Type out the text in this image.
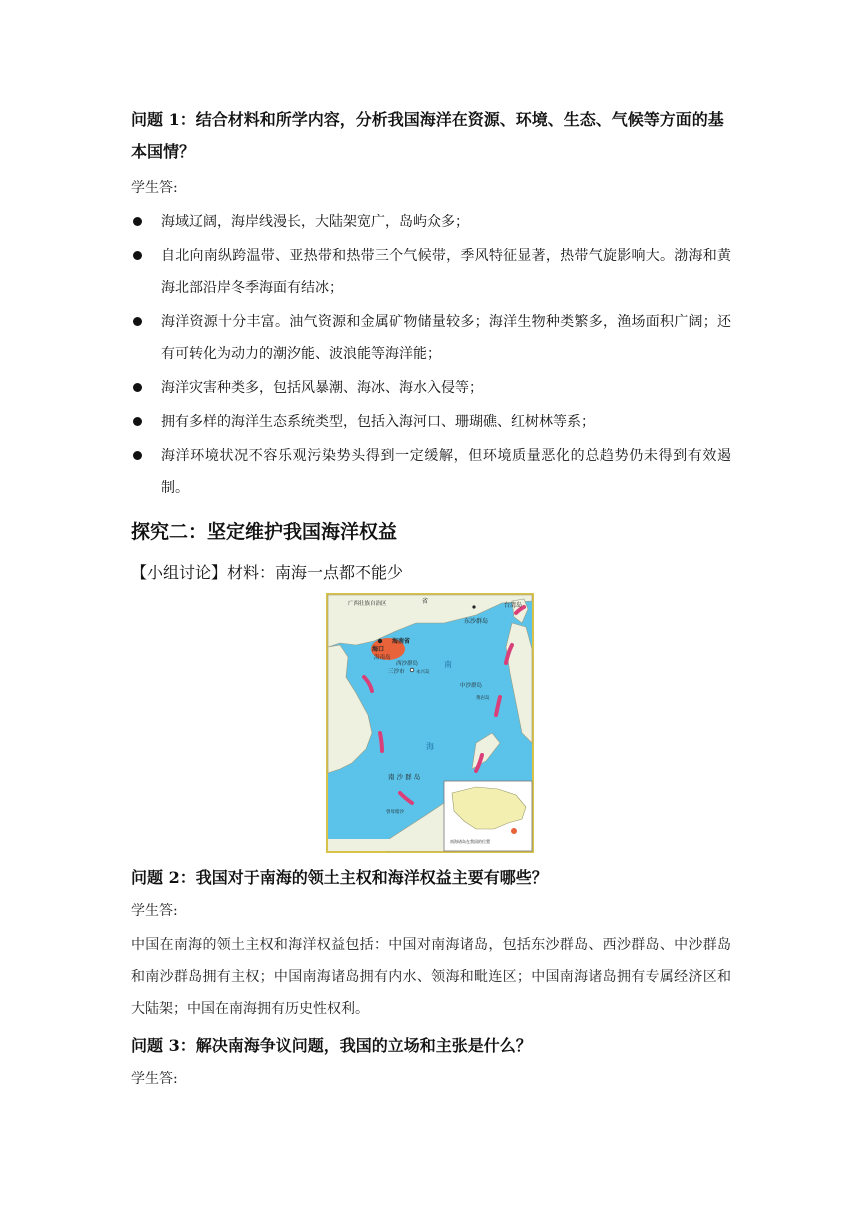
问题 1：结合材料和所学内容，分析我国海洋在资源、环境、生态、气候等方面的基本国情？
学生答:
海域辽阔，海岸线漫长，大陆架宽广，岛屿众多；
自北向南纵跨温带、亚热带和热带三个气候带，季风特征显著，热带气旋影响大。渤海和黄海北部沿岸冬季海面有结冰；
海洋资源十分丰富。油气资源和金属矿物储量较多；海洋生物种类繁多，渔场面积广阔；还有可转化为动力的潮汐能、波浪能等海洋能；
海洋灾害种类多，包括风暴潮、海冰、海水入侵等；
拥有多样的海洋生态系统类型，包括入海河口、珊瑚礁、红树林等系；
海洋环境状况不容乐观污染势头得到一定缓解，但环境质量恶化的总趋势仍未得到有效遏制。
探究二：坚定维护我国海洋权益
【小组讨论】材料：南海一点都不能少
广西壮族自治区	省
台湾岛
东沙群岛
海口
海南省
海南岛
西沙群岛
三沙市	永兴岛
中沙群岛
黄岩岛
南
海
南 沙 群 岛
曾母暗沙
南海诸岛在我国的位置
问题 2：我国对于南海的领土主权和海洋权益主要有哪些？
学生答:
中国在南海的领土主权和海洋权益包括：中国对南海诸岛，包括东沙群岛、西沙群岛、中沙群岛和南沙群岛拥有主权；中国南海诸岛拥有内水、领海和毗连区；中国南海诸岛拥有专属经济区和大陆架；中国在南海拥有历史性权利。
问题 3：解决南海争议问题，我国的立场和主张是什么？
学生答:
